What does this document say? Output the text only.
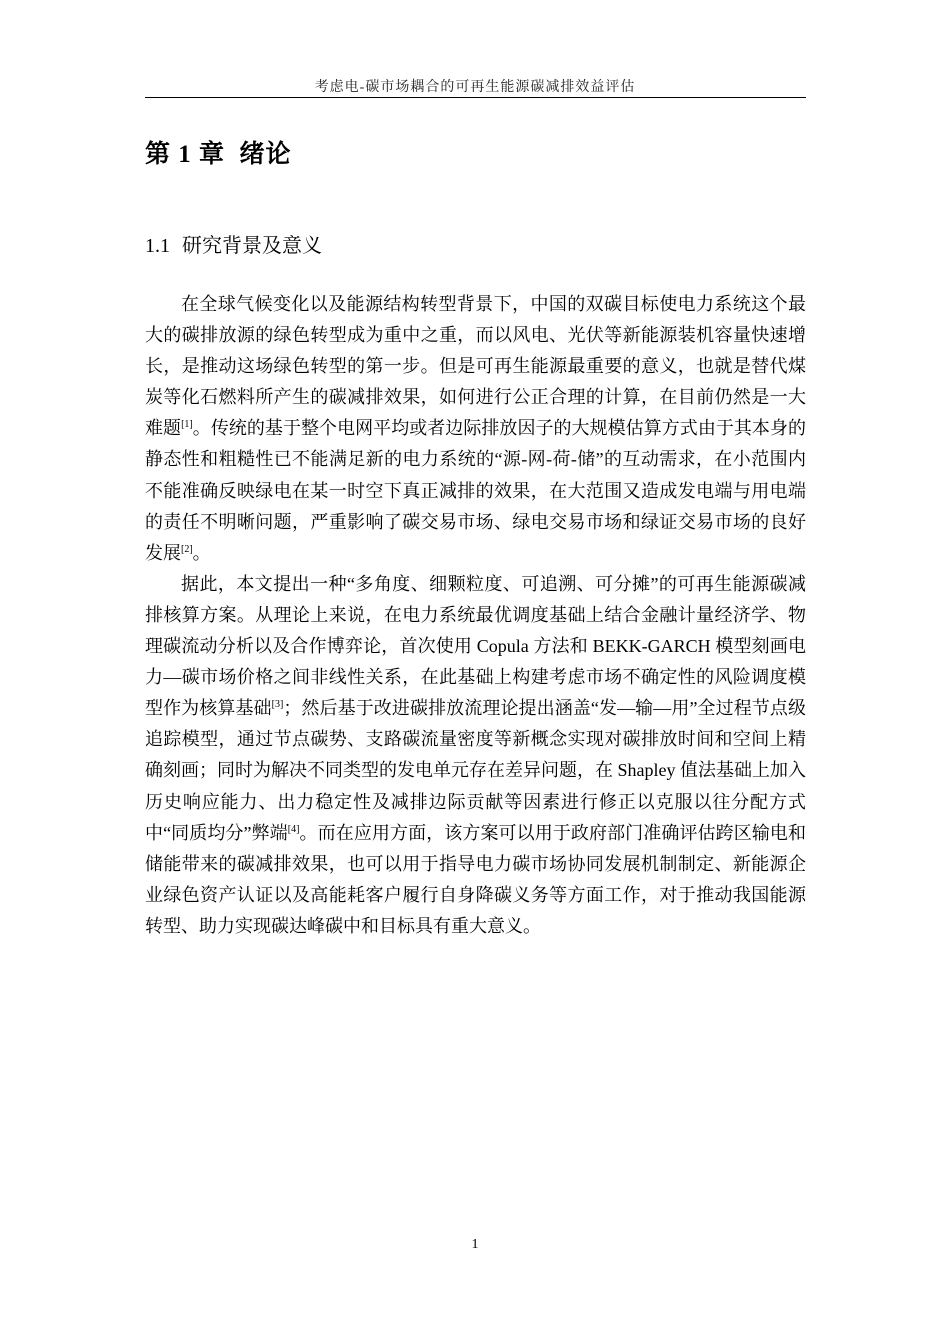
考虑电-碳市场耦合的可再生能源碳减排效益评估
第 1 章  绪论
1.1 研究背景及意义

在全球气候变化以及能源结构转型背景下，中国的双碳目标使电力系统这个最大的碳排放源的绿色转型成为重中之重，而以风电、光伏等新能源装机容量快速增长，是推动这场绿色转型的第一步。但是可再生能源最重要的意义，也就是替代煤炭等化石燃料所产生的碳减排效果，如何进行公正合理的计算，在目前仍然是一大难题[1]。传统的基于整个电网平均或者边际排放因子的大规模估算方式由于其本身的静态性和粗糙性已不能满足新的电力系统的“源-网-荷-储”的互动需求，在小范围内不能准确反映绿电在某一时空下真正减排的效果，在大范围又造成发电端与用电端的责任不明晰问题，严重影响了碳交易市场、绿电交易市场和绿证交易市场的良好发展[2]。

据此，本文提出一种“多角度、细颗粒度、可追溯、可分摊”的可再生能源碳减排核算方案。从理论上来说，在电力系统最优调度基础上结合金融计量经济学、物理碳流动分析以及合作博弈论，首次使用 Copula 方法和 BEKK-GARCH 模型刻画电力—碳市场价格之间非线性关系，在此基础上构建考虑市场不确定性的风险调度模型作为核算基础[3]；然后基于改进碳排放流理论提出涵盖“发—输—用”全过程节点级追踪模型，通过节点碳势、支路碳流量密度等新概念实现对碳排放时间和空间上精确刻画；同时为解决不同类型的发电单元存在差异问题，在 Shapley 值法基础上加入历史响应能力、出力稳定性及减排边际贡献等因素进行修正以克服以往分配方式中“同质均分”弊端[4]。而在应用方面，该方案可以用于政府部门准确评估跨区输电和储能带来的碳减排效果，也可以用于指导电力碳市场协同发展机制制定、新能源企业绿色资产认证以及高能耗客户履行自身降碳义务等方面工作，对于推动我国能源转型、助力实现碳达峰碳中和目标具有重大意义。

1
